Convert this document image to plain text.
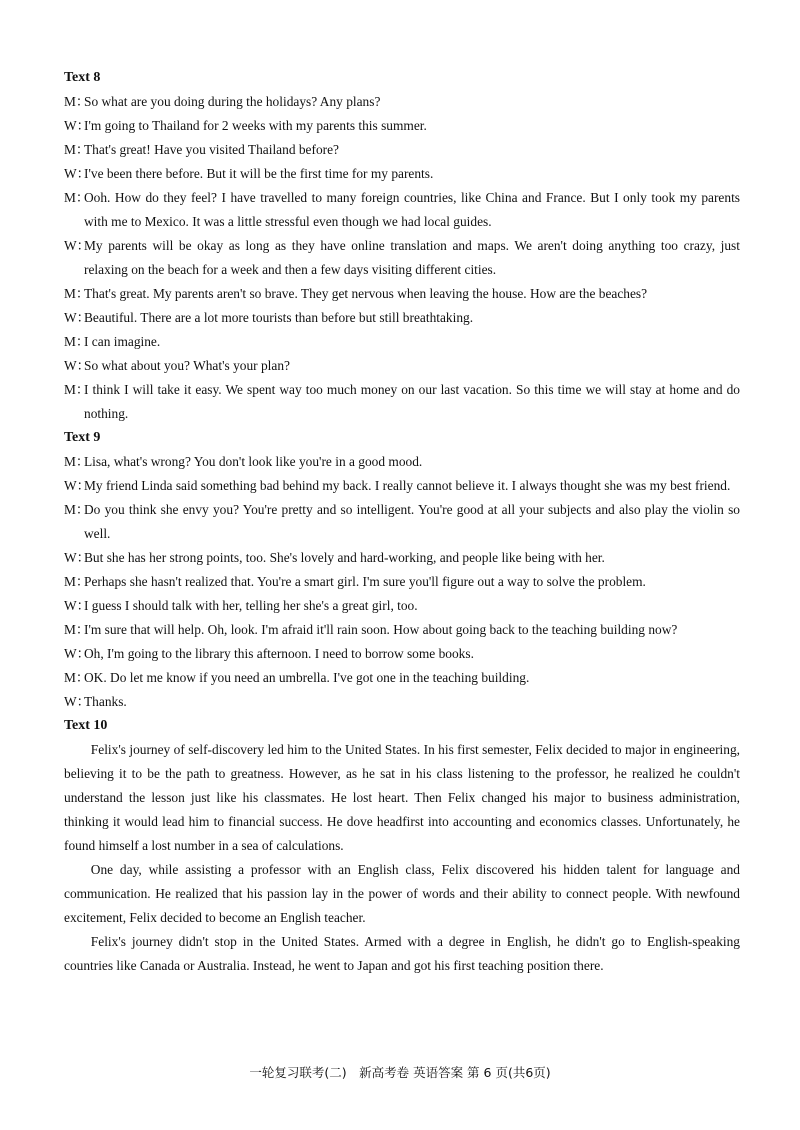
Text 8
M：
So what are you doing during the holidays? Any plans?
W：
I'm going to Thailand for 2 weeks with my parents this summer.
M：
That's great! Have you visited Thailand before?
W：
I've been there before. But it will be the first time for my parents.
M：
Ooh. How do they feel? I have travelled to many foreign countries, like China and France. But I only took my parents with me to Mexico. It was a little stressful even though we had local guides.
W：
My parents will be okay as long as they have online translation and maps. We aren't doing anything too crazy, just relaxing on the beach for a week and then a few days visiting different cities.
M：
That's great. My parents aren't so brave. They get nervous when leaving the house. How are the beaches?
W：
Beautiful. There are a lot more tourists than before but still breathtaking.
M：
I can imagine.
W：
So what about you? What's your plan?
M：
I think I will take it easy. We spent way too much money on our last vacation. So this time we will stay at home and do nothing.
Text 9
M：
Lisa, what's wrong? You don't look like you're in a good mood.
W：
My friend Linda said something bad behind my back. I really cannot believe it. I always thought she was my best friend.
M：
Do you think she envy you? You're pretty and so intelligent. You're good at all your subjects and also play the violin so well.
W：
But she has her strong points, too. She's lovely and hard-working, and people like being with her.
M：
Perhaps she hasn't realized that. You're a smart girl. I'm sure you'll figure out a way to solve the problem.
W：
I guess I should talk with her, telling her she's a great girl, too.
M：
I'm sure that will help. Oh, look. I'm afraid it'll rain soon. How about going back to the teaching building now?
W：
Oh, I'm going to the library this afternoon. I need to borrow some books.
M：
OK. Do let me know if you need an umbrella. I've got one in the teaching building.
W：
Thanks.
Text 10
Felix's journey of self-discovery led him to the United States. In his first semester, Felix decided to major in engineering, believing it to be the path to greatness. However, as he sat in his class listening to the professor, he realized he couldn't understand the lesson just like his classmates. He lost heart. Then Felix changed his major to business administration, thinking it would lead him to financial success. He dove headfirst into accounting and economics classes. Unfortunately, he found himself a lost number in a sea of calculations.
One day, while assisting a professor with an English class, Felix discovered his hidden talent for language and communication. He realized that his passion lay in the power of words and their ability to connect people. With newfound excitement, Felix decided to become an English teacher.
Felix's journey didn't stop in the United States. Armed with a degree in English, he didn't go to English-speaking countries like Canada or Australia. Instead, he went to Japan and got his first teaching position there.
一轮复习联考(二)　新高考卷 英语答案 第 6 页(共6页)
